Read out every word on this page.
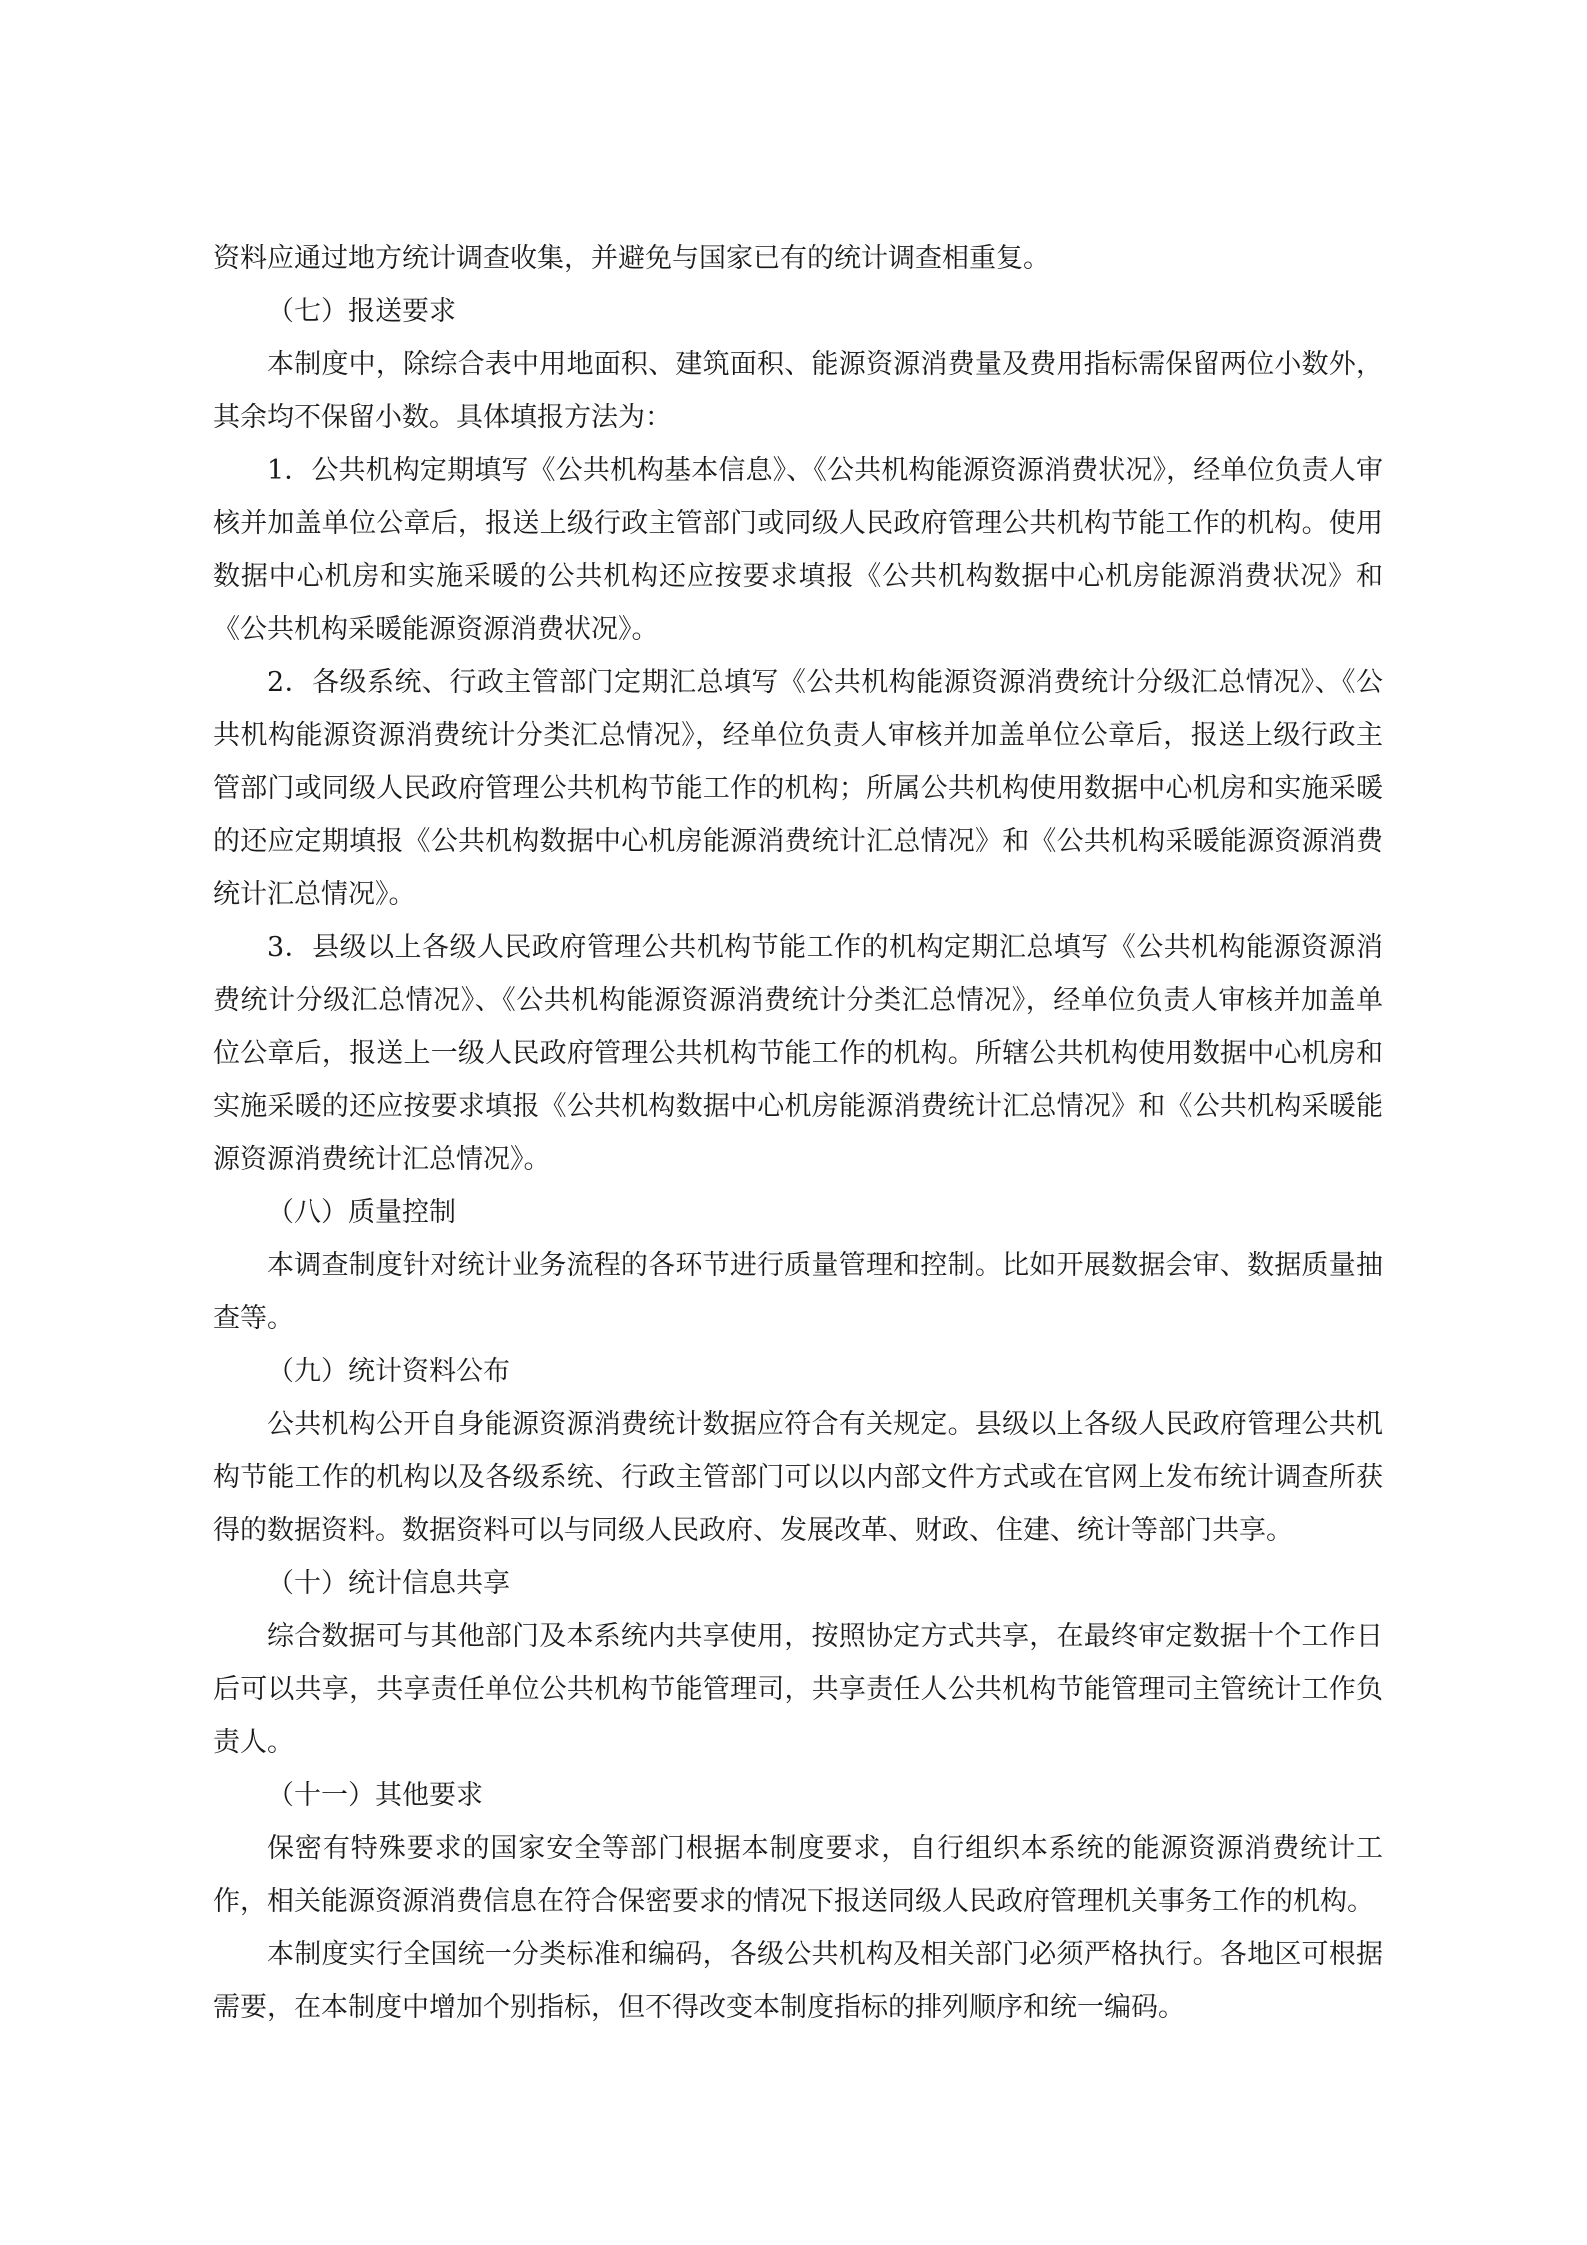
资料应通过地方统计调查收集，并避免与国家已有的统计调查相重复。

（七）报送要求

本制度中，除综合表中用地面积、建筑面积、能源资源消费量及费用指标需保留两位小数外，其余均不保留小数。具体填报方法为：

1．公共机构定期填写《公共机构基本信息》、《公共机构能源资源消费状况》，经单位负责人审核并加盖单位公章后，报送上级行政主管部门或同级人民政府管理公共机构节能工作的机构。使用数据中心机房和实施采暖的公共机构还应按要求填报《公共机构数据中心机房能源消费状况》和《公共机构采暖能源资源消费状况》。

2．各级系统、行政主管部门定期汇总填写《公共机构能源资源消费统计分级汇总情况》、《公共机构能源资源消费统计分类汇总情况》，经单位负责人审核并加盖单位公章后，报送上级行政主管部门或同级人民政府管理公共机构节能工作的机构；所属公共机构使用数据中心机房和实施采暖的还应定期填报《公共机构数据中心机房能源消费统计汇总情况》和《公共机构采暖能源资源消费统计汇总情况》。

3．县级以上各级人民政府管理公共机构节能工作的机构定期汇总填写《公共机构能源资源消费统计分级汇总情况》、《公共机构能源资源消费统计分类汇总情况》，经单位负责人审核并加盖单位公章后，报送上一级人民政府管理公共机构节能工作的机构。所辖公共机构使用数据中心机房和实施采暖的还应按要求填报《公共机构数据中心机房能源消费统计汇总情况》和《公共机构采暖能源资源消费统计汇总情况》。

（八）质量控制

本调查制度针对统计业务流程的各环节进行质量管理和控制。比如开展数据会审、数据质量抽查等。

（九）统计资料公布

公共机构公开自身能源资源消费统计数据应符合有关规定。县级以上各级人民政府管理公共机构节能工作的机构以及各级系统、行政主管部门可以以内部文件方式或在官网上发布统计调查所获得的数据资料。数据资料可以与同级人民政府、发展改革、财政、住建、统计等部门共享。

（十）统计信息共享

综合数据可与其他部门及本系统内共享使用，按照协定方式共享，在最终审定数据十个工作日后可以共享，共享责任单位公共机构节能管理司，共享责任人公共机构节能管理司主管统计工作负责人。

（十一）其他要求

保密有特殊要求的国家安全等部门根据本制度要求，自行组织本系统的能源资源消费统计工作，相关能源资源消费信息在符合保密要求的情况下报送同级人民政府管理机关事务工作的机构。

本制度实行全国统一分类标准和编码，各级公共机构及相关部门必须严格执行。各地区可根据需要，在本制度中增加个别指标，但不得改变本制度指标的排列顺序和统一编码。
